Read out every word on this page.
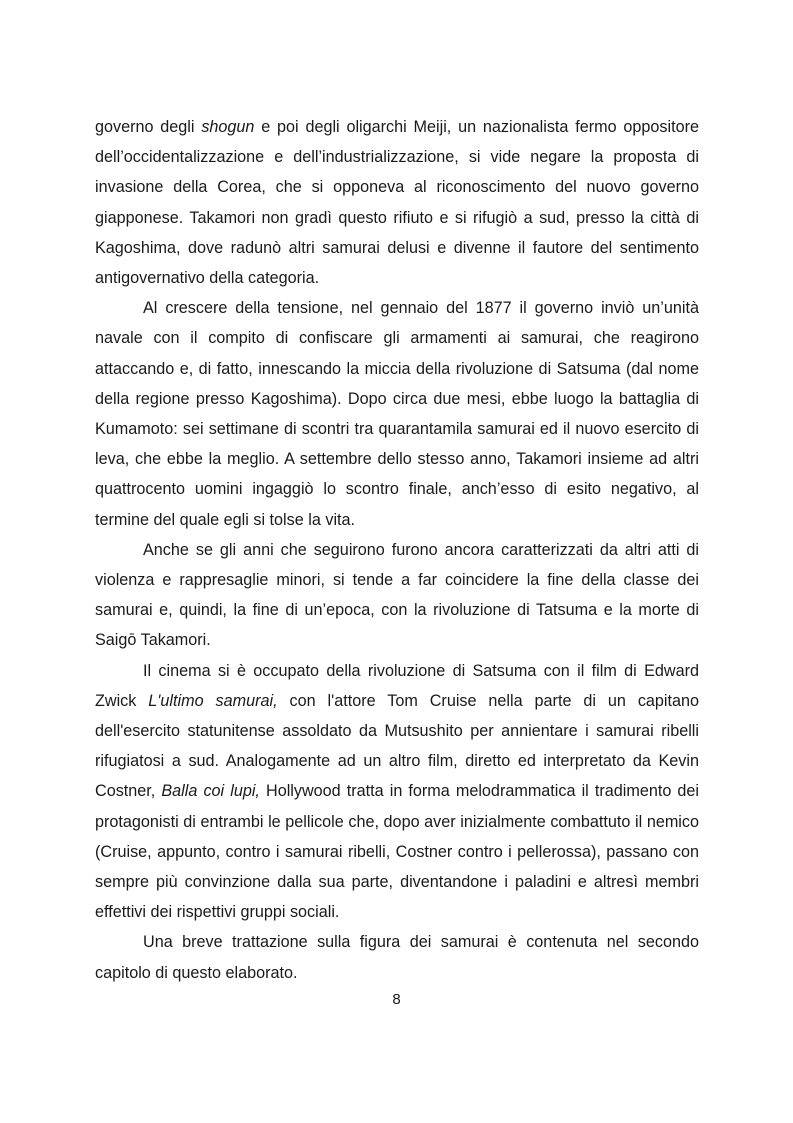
governo degli shogun e poi degli oligarchi Meiji, un nazionalista fermo oppositore dell’occidentalizzazione e dell’industrializzazione, si vide negare la proposta di invasione della Corea, che si opponeva al riconoscimento del nuovo governo giapponese. Takamori non gradì questo rifiuto e si rifugiò a sud, presso la città di Kagoshima, dove radunò altri samurai delusi e divenne il fautore del sentimento antigovernativo della categoria.

Al crescere della tensione, nel gennaio del 1877 il governo inviò un’unità navale con il compito di confiscare gli armamenti ai samurai, che reagirono attaccando e, di fatto, innescando la miccia della rivoluzione di Satsuma (dal nome della regione presso Kagoshima). Dopo circa due mesi, ebbe luogo la battaglia di Kumamoto: sei settimane di scontri tra quarantamila samurai ed il nuovo esercito di leva, che ebbe la meglio. A settembre dello stesso anno, Takamori insieme ad altri quattrocento uomini ingaggiò lo scontro finale, anch’esso di esito negativo, al termine del quale egli si tolse la vita.

Anche se gli anni che seguirono furono ancora caratterizzati da altri atti di violenza e rappresaglie minori, si tende a far coincidere la fine della classe dei samurai e, quindi, la fine di un’epoca, con la rivoluzione di Tatsuma e la morte di Saigō Takamori.

Il cinema si è occupato della rivoluzione di Satsuma con il film di Edward Zwick L'ultimo samurai, con l'attore Tom Cruise nella parte di un capitano dell'esercito statunitense assoldato da Mutsushito per annientare i samurai ribelli rifugiatosi a sud. Analogamente ad un altro film, diretto ed interpretato da Kevin Costner, Balla coi lupi, Hollywood tratta in forma melodrammatica il tradimento dei protagonisti di entrambi le pellicole che, dopo aver inizialmente combattuto il nemico (Cruise, appunto, contro i samurai ribelli, Costner contro i pellerossa), passano con sempre più convinzione dalla sua parte, diventandone i paladini e altresì membri effettivi dei rispettivi gruppi sociali.

Una breve trattazione sulla figura dei samurai è contenuta nel secondo capitolo di questo elaborato.

8
